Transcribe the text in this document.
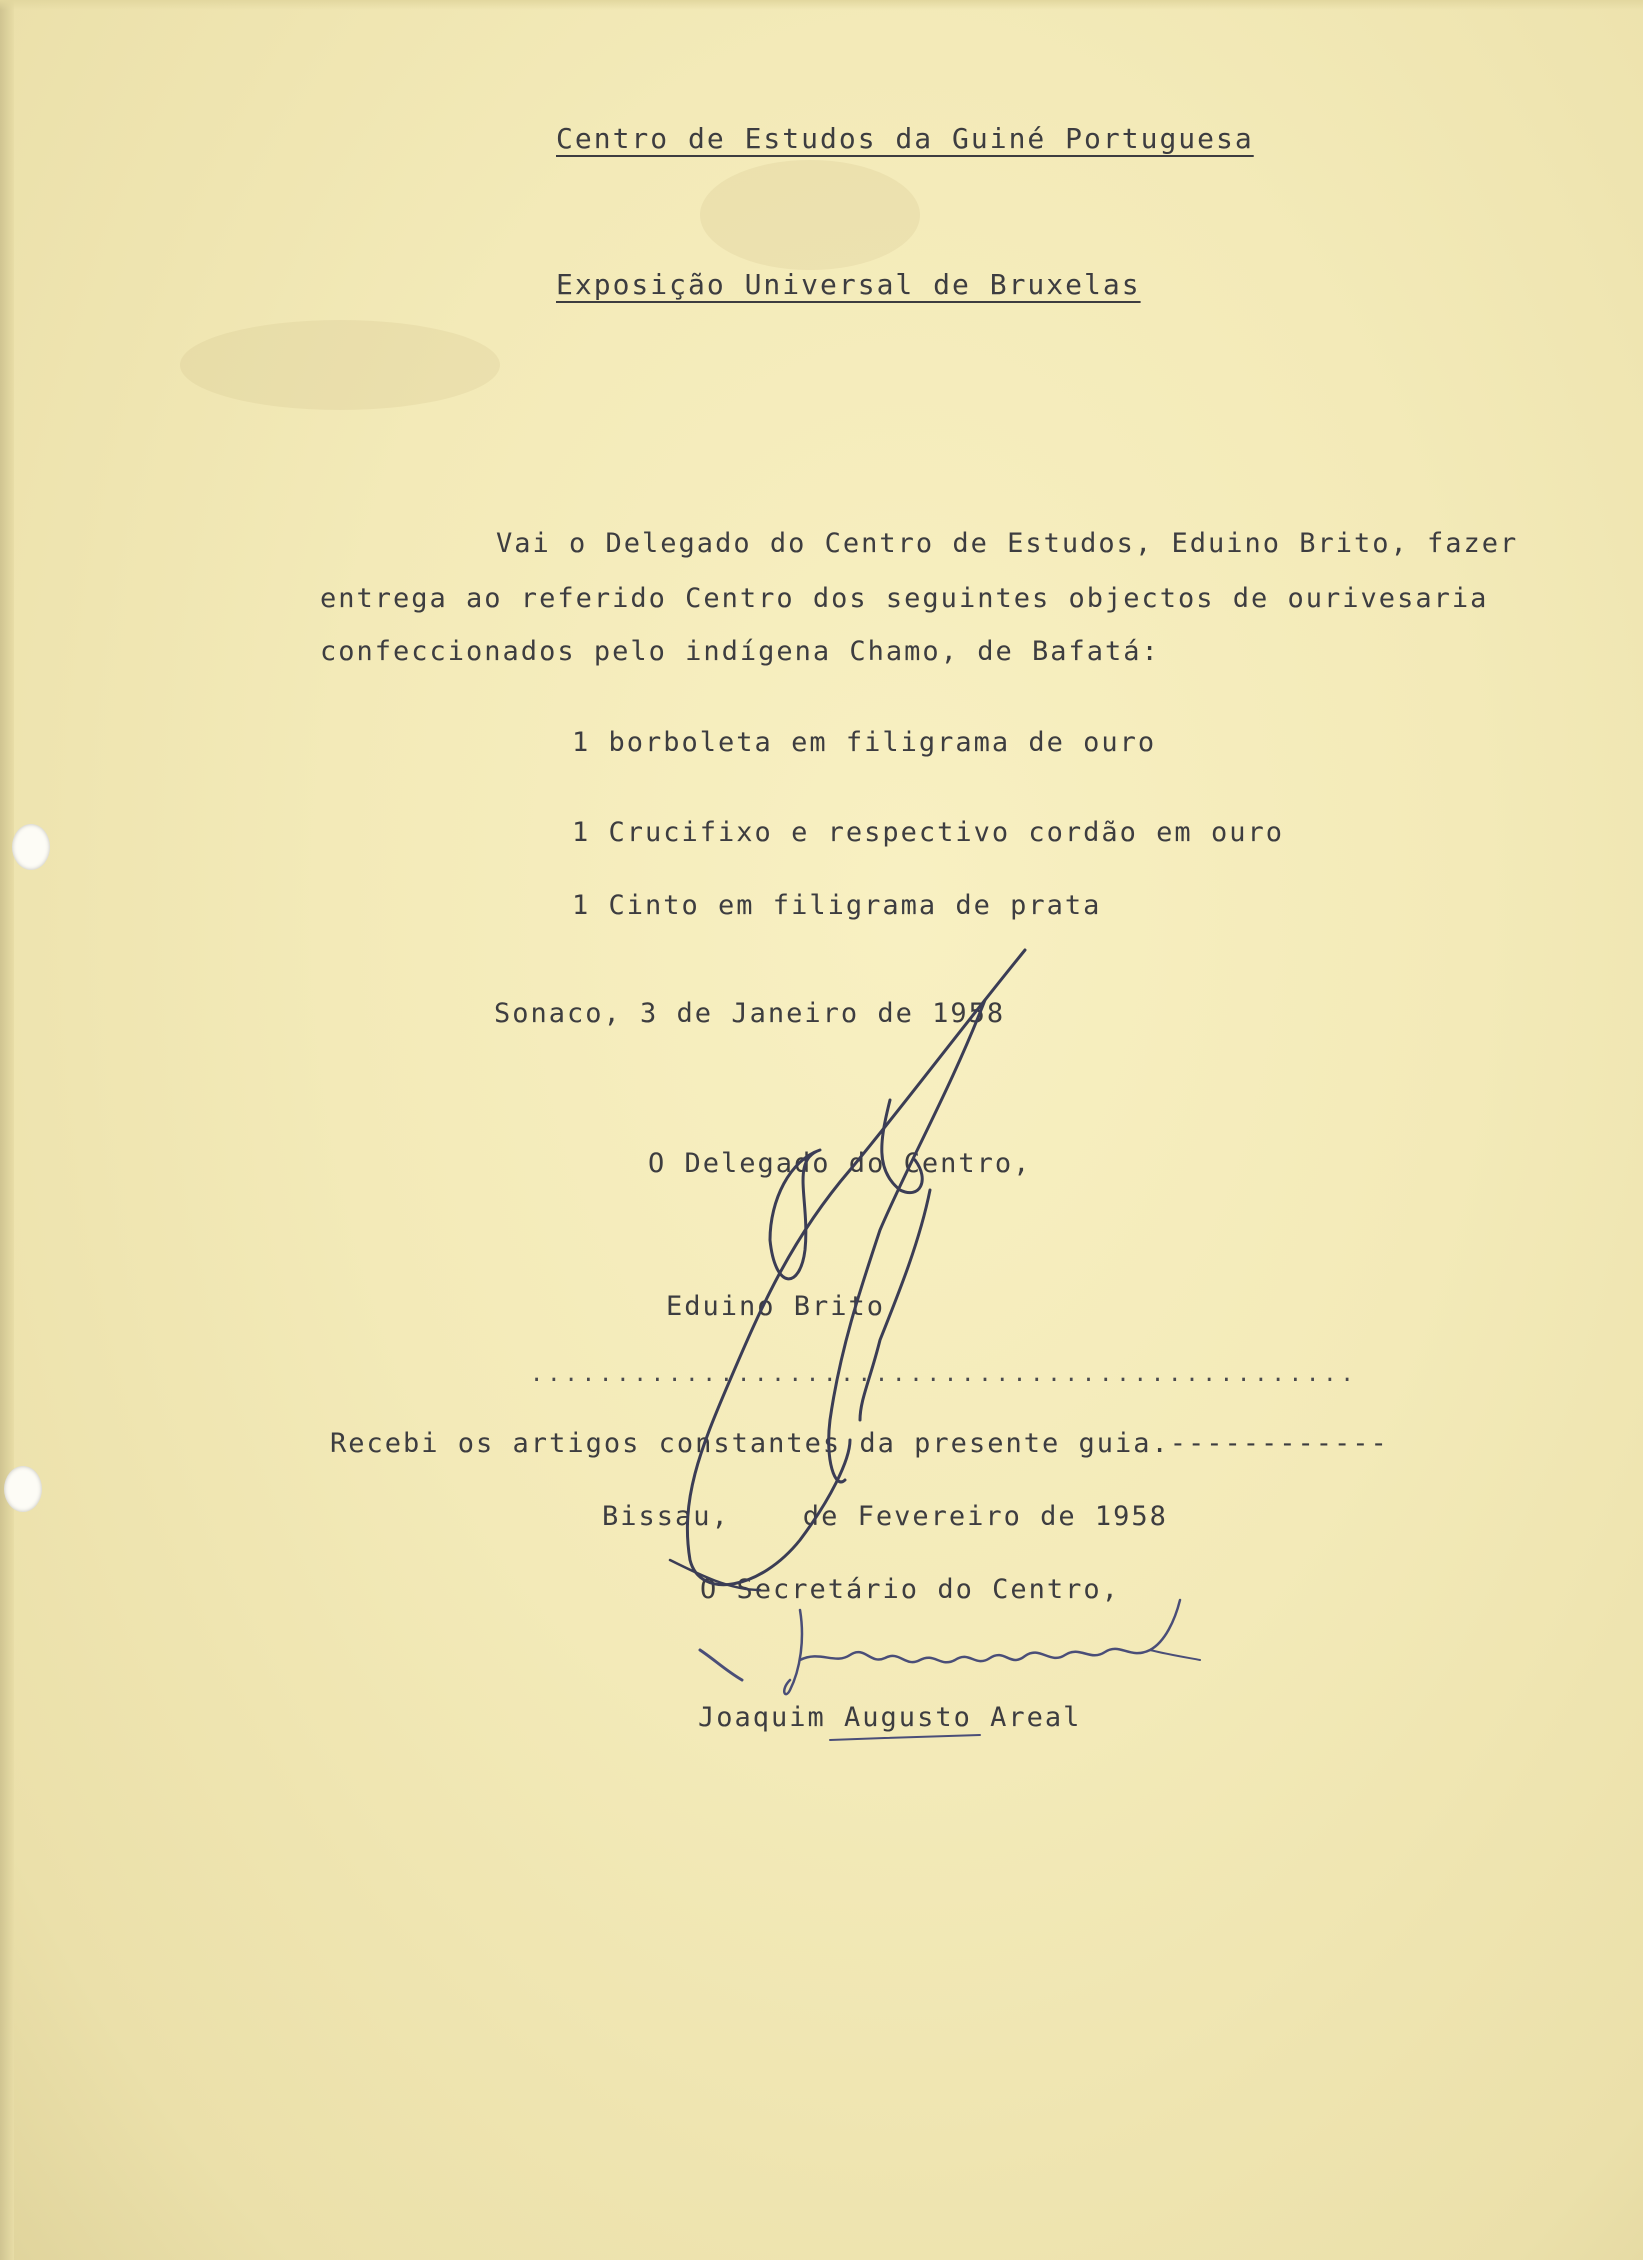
Centro de Estudos da Guiné Portuguesa
Exposição Universal de Bruxelas
Vai o Delegado do Centro de Estudos, Eduino Brito, fazer
entrega ao referido Centro dos seguintes objectos de ourivesaria
confeccionados pelo indígena Chamo, de Bafatá:
1 borboleta em filigrama de ouro
1 Crucifixo e respectivo cordão em ouro
1 Cinto em filigrama de prata
Sonaco, 3 de Janeiro de 1958
O Delegado do Centro,
Eduino Brito
................................................
Recebi os artigos constantes da presente guia.------------
Bissau,    de Fevereiro de 1958
O Secretário do Centro,
Joaquim Augusto Areal
